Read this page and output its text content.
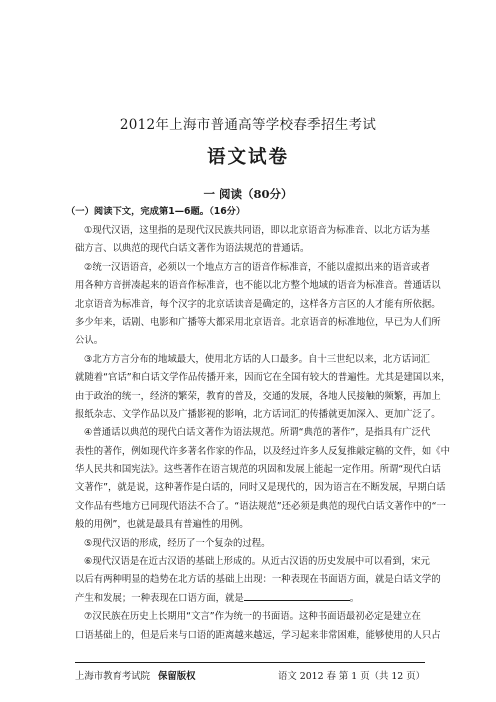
2012年上海市普通高等学校春季招生考试
语文试卷
一 阅读（80分）
（一）阅读下文，完成第1—6题。（16分）
①现代汉语，这里指的是现代汉民族共同语，即以北京语音为标准音、以北方话为基
础方言、以典范的现代白话文著作为语法规范的普通话。
②统一汉语语音，必须以一个地点方言的语音作标准音，不能以虚拟出来的语音或者
用各种方音拼凑起来的语音作标准音，也不能以北方整个地域的语音为标准音。普通话以
北京语音为标准音，每个汉字的北京话读音是确定的，这样各方言区的人才能有所依据。
多少年来，话剧、电影和广播等大都采用北京语音。北京语音的标准地位，早已为人们所
公认。
③北方方言分布的地域最大，使用北方话的人口最多。自十三世纪以来，北方话词汇
就随着“官话”和白话文学作品传播开来，因而它在全国有较大的普遍性。尤其是建国以来，
由于政治的统一，经济的繁荣，教育的普及，交通的发展，各地人民接触的频繁，再加上
报纸杂志、文学作品以及广播影视的影响，北方话词汇的传播就更加深入、更加广泛了。
④普通话以典范的现代白话文著作为语法规范。所谓“典范的著作”，是指具有广泛代
表性的著作，例如现代许多著名作家的作品，以及经过许多人反复推敲定稿的文件，如《中
华人民共和国宪法》。这些著作在语言规范的巩固和发展上能起一定作用。所谓“现代白话
文著作”，就是说，这种著作是白话的，同时又是现代的，因为语言在不断发展，早期白话
文作品有些地方已同现代语法不合了。“语法规范”还必须是典范的现代白话文著作中的“一
般的用例”，也就是最具有普遍性的用例。
⑤现代汉语的形成，经历了一个复杂的过程。
⑥现代汉语是在近古汉语的基础上形成的。从近古汉语的历史发展中可以看到，宋元
以后有两种明显的趋势在北方话的基础上出现：一种表现在书面语方面，就是白话文学的
产生和发展；一种表现在口语方面，就是	。
⑦汉民族在历史上长期用“文言”作为统一的书面语。这种书面语最初必定是建立在
口语基础上的，但是后来与口语的距离越来越远，学习起来非常困难，能够使用的人只占
上海市教育考试院 保留版权	语文 2012 春 第 1 页（共 12 页）
